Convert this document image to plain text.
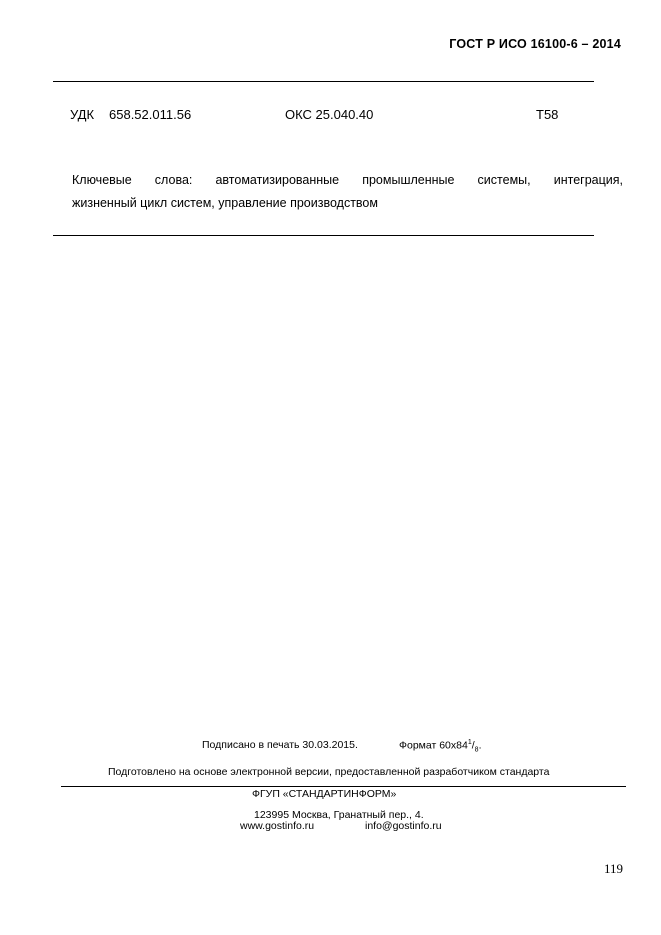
ГОСТ Р ИСО 16100-6 – 2014
УДК 658.52.011.56	ОКС 25.040.40	Т58
Ключевые слова: автоматизированные промышленные системы, интеграция,
жизненный цикл систем, управление производством
Подписано в печать 30.03.2015.	Формат $60х84^1/_8$.
Подготовлено на основе электронной версии, предоставленной разработчиком стандарта
ФГУП «СТАНДАРТИНФОРМ»
123995 Москва, Гранатный пер., 4.
www.gostinfo.ru	info@gostinfo.ru
119
